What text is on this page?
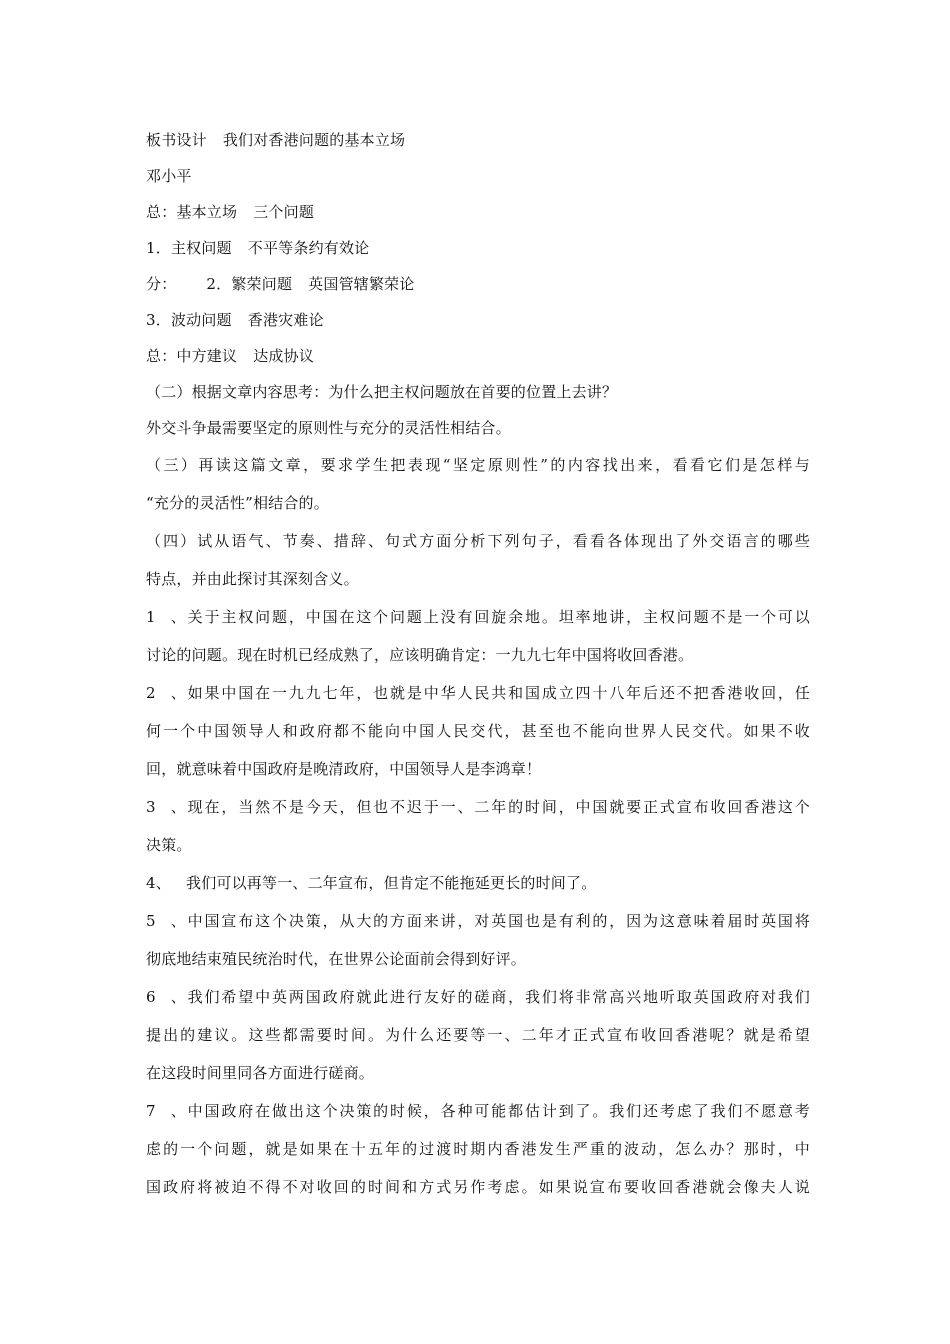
板书设计 我们对香港问题的基本立场
邓小平
总：基本立场 三个问题
1．主权问题 不平等条约有效论
分： 2．繁荣问题 英国管辖繁荣论
3．波动问题 香港灾难论
总：中方建议 达成协议
（二）根据文章内容思考：为什么把主权问题放在首要的位置上去讲？
外交斗争最需要坚定的原则性与充分的灵活性相结合。
（三）再读这篇文章，要求学生把表现“坚定原则性”的内容找出来，看看它们是怎样与
“充分的灵活性”相结合的。
（四）试从语气、节奏、措辞、句式方面分析下列句子，看看各体现出了外交语言的哪些
特点，并由此探讨其深刻含义。
1、关于主权问题，中国在这个问题上没有回旋余地。坦率地讲，主权问题不是一个可以
讨论的问题。现在时机已经成熟了，应该明确肯定：一九九七年中国将收回香港。
2、如果中国在一九九七年，也就是中华人民共和国成立四十八年后还不把香港收回，任
何一个中国领导人和政府都不能向中国人民交代，甚至也不能向世界人民交代。如果不收
回，就意味着中国政府是晚清政府，中国领导人是李鸿章！
3、现在，当然不是今天，但也不迟于一、二年的时间，中国就要正式宣布收回香港这个
决策。
4、 我们可以再等一、二年宣布，但肯定不能拖延更长的时间了。
5、中国宣布这个决策，从大的方面来讲，对英国也是有利的，因为这意味着届时英国将
彻底地结束殖民统治时代，在世界公论面前会得到好评。
6、我们希望中英两国政府就此进行友好的磋商，我们将非常高兴地听取英国政府对我们
提出的建议。这些都需要时间。为什么还要等一、二年才正式宣布收回香港呢？就是希望
在这段时间里同各方面进行磋商。
7、中国政府在做出这个决策的时候，各种可能都估计到了。我们还考虑了我们不愿意考
虑的一个问题，就是如果在十五年的过渡时期内香港发生严重的波动，怎么办？那时，中
国政府将被迫不得不对收回的时间和方式另作考虑。如果说宣布要收回香港就会像夫人说
